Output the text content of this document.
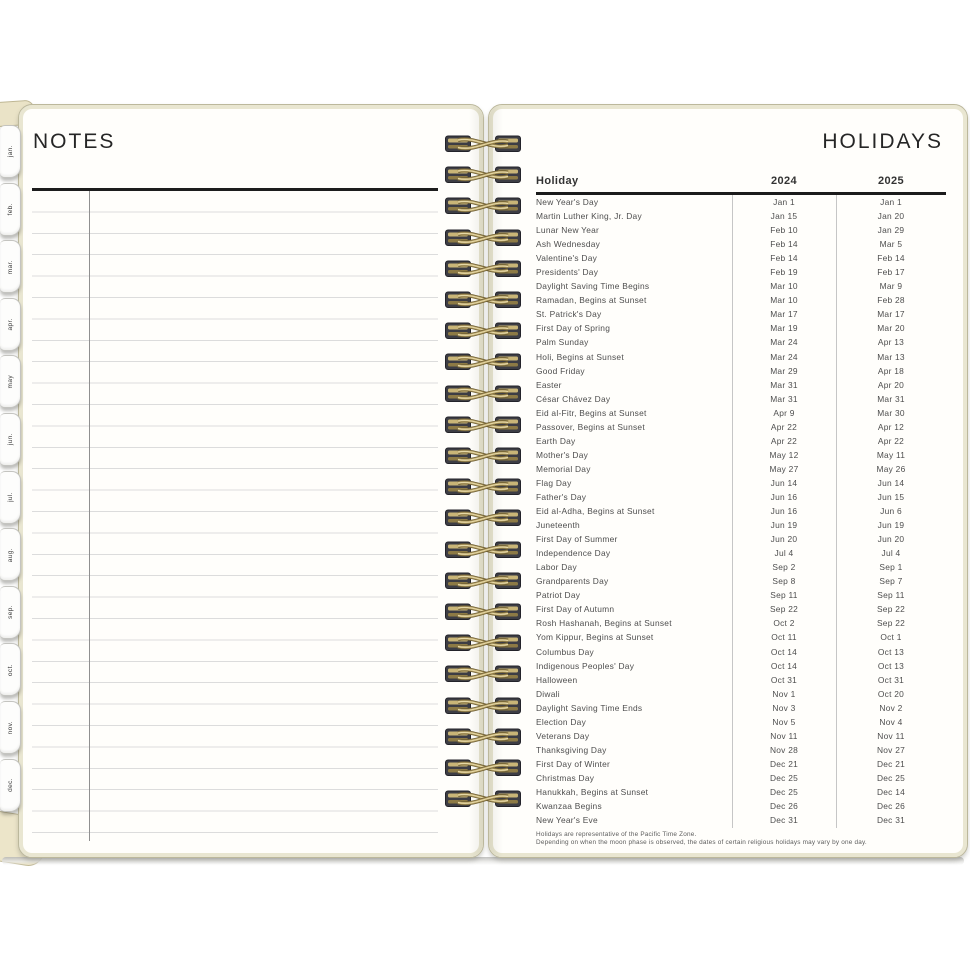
NOTES	HOLIDAYS
Holiday	2024	2025
New Year's Day	Jan 1	Jan 1
Martin Luther King, Jr. Day	Jan 15	Jan 20
Lunar New Year	Feb 10	Jan 29
Ash Wednesday	Feb 14	Mar 5
Valentine's Day	Feb 14	Feb 14
Presidents' Day	Feb 19	Feb 17
Daylight Saving Time Begins	Mar 10	Mar 9
Ramadan, Begins at Sunset	Mar 10	Feb 28
St. Patrick's Day	Mar 17	Mar 17
First Day of Spring	Mar 19	Mar 20
Palm Sunday	Mar 24	Apr 13
Holi, Begins at Sunset	Mar 24	Mar 13
Good Friday	Mar 29	Apr 18
Easter	Mar 31	Apr 20
César Chávez Day	Mar 31	Mar 31
Eid al-Fitr, Begins at Sunset	Apr 9	Mar 30
Passover, Begins at Sunset	Apr 22	Apr 12
Earth Day	Apr 22	Apr 22
Mother's Day	May 12	May 11
Memorial Day	May 27	May 26
Flag Day	Jun 14	Jun 14
Father's Day	Jun 16	Jun 15
Eid al-Adha, Begins at Sunset	Jun 16	Jun 6
Juneteenth	Jun 19	Jun 19
First Day of Summer	Jun 20	Jun 20
Independence Day	Jul 4	Jul 4
Labor Day	Sep 2	Sep 1
Grandparents Day	Sep 8	Sep 7
Patriot Day	Sep 11	Sep 11
First Day of Autumn	Sep 22	Sep 22
Rosh Hashanah, Begins at Sunset	Oct 2	Sep 22
Yom Kippur, Begins at Sunset	Oct 11	Oct 1
Columbus Day	Oct 14	Oct 13
Indigenous Peoples' Day	Oct 14	Oct 13
Halloween	Oct 31	Oct 31
Diwali	Nov 1	Oct 20
Daylight Saving Time Ends	Nov 3	Nov 2
Election Day	Nov 5	Nov 4
Veterans Day	Nov 11	Nov 11
Thanksgiving Day	Nov 28	Nov 27
First Day of Winter	Dec 21	Dec 21
Christmas Day	Dec 25	Dec 25
Hanukkah, Begins at Sunset	Dec 25	Dec 14
Kwanzaa Begins	Dec 26	Dec 26
New Year's Eve	Dec 31	Dec 31
Holidays are representative of the Pacific Time Zone.
Depending on when the moon phase is observed, the dates of certain religious holidays may vary by one day.
jan.
feb.
mar.
apr.
may
jun.
jul.
aug.
sep.
oct.
nov.
dec.
